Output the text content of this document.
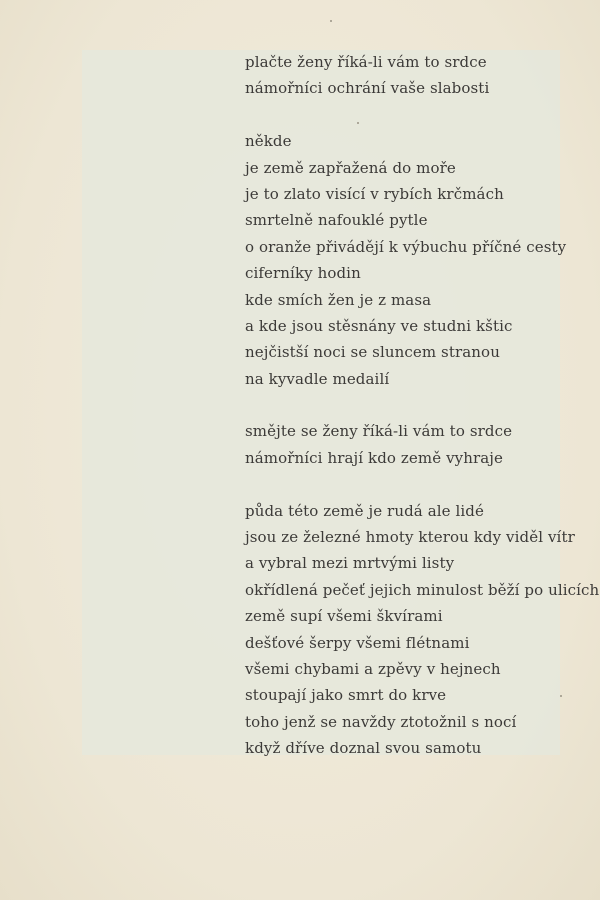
plačte ženy říká-li vám to srdce
námořníci ochrání vaše slabosti
někde
je země zapřažená do moře
je to zlato visící v rybích krčmách
smrtelně nafouklé pytle
o oranže přivádějí k výbuchu příčné cesty
ciferníky hodin
kde smích žen je z masa
a kde jsou stěsnány ve studni kštic
nejčistší noci se sluncem stranou
na kyvadle medailí
smějte se ženy říká-li vám to srdce
námořníci hrají kdo země vyhraje
půda této země je rudá ale lidé
jsou ze železné hmoty kterou kdy viděl vítr
a vybral mezi mrtvými listy
okřídlená pečeť jejich minulost běží po ulicích
země supí všemi škvírami
dešťové šerpy všemi flétnami
všemi chybami a zpěvy v hejnech
stoupají jako smrt do krve
toho jenž se navždy ztotožnil s nocí
když dříve doznal svou samotu
